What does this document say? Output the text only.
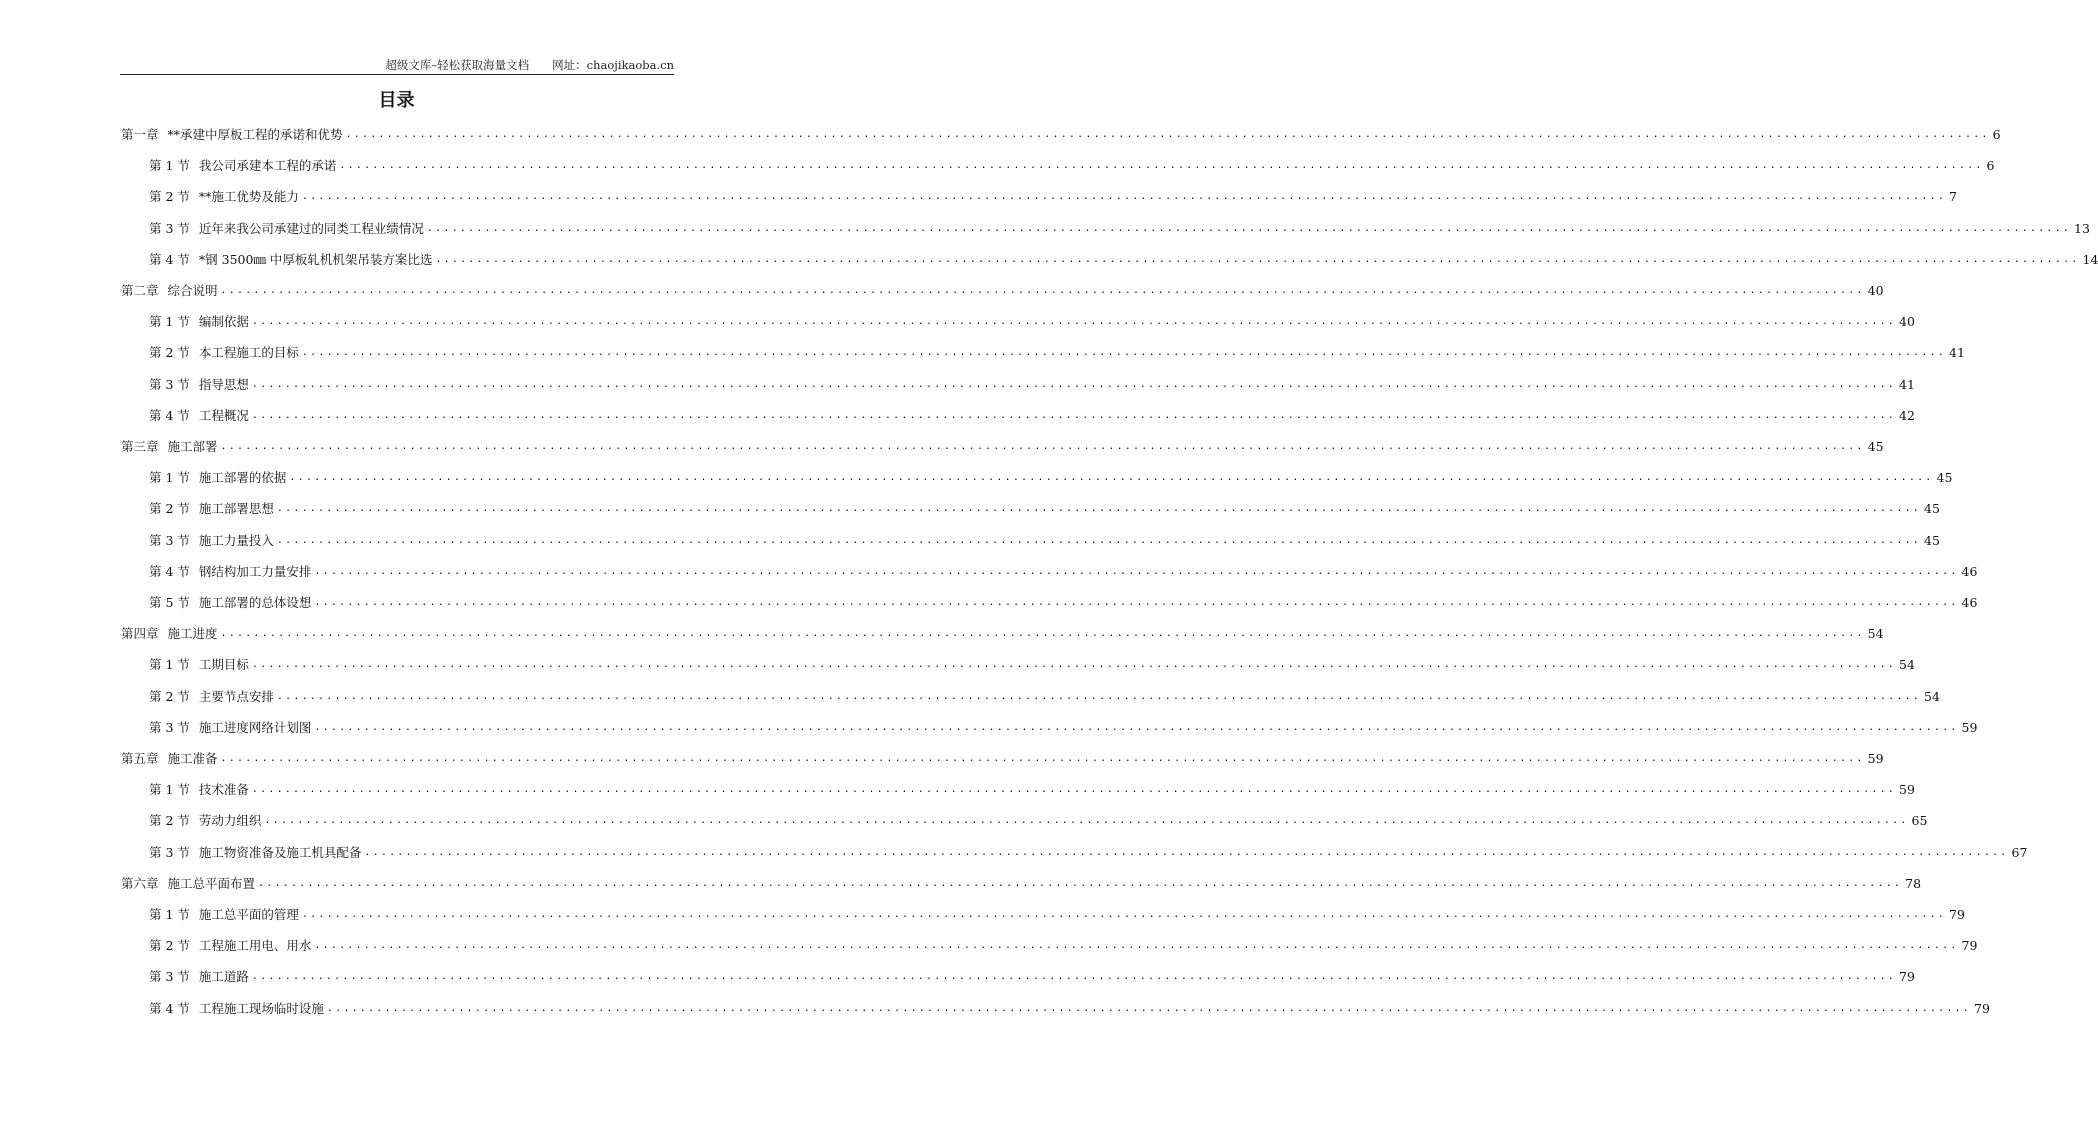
超级文库–轻松获取海量文档　　网址：chaojikaoba.cn
目录
第一章 **承建中厚板工程的承诺和优势 ........................................................................................................................................................................................................ 6
第 1 节 我公司承建本工程的承诺 ........................................................................................................................................................................................................ 6
第 2 节 **施工优势及能力 ........................................................................................................................................................................................................ 7
第 3 节 近年来我公司承建过的同类工程业绩情况 ........................................................................................................................................................................................................ 13
第 4 节 *钢 3500㎜ 中厚板轧机机架吊装方案比选 ........................................................................................................................................................................................................ 14
第二章 综合说明 ........................................................................................................................................................................................................ 40
第 1 节 编制依据 ........................................................................................................................................................................................................ 40
第 2 节 本工程施工的目标 ........................................................................................................................................................................................................ 41
第 3 节 指导思想 ........................................................................................................................................................................................................ 41
第 4 节 工程概况 ........................................................................................................................................................................................................ 42
第三章 施工部署 ........................................................................................................................................................................................................ 45
第 1 节 施工部署的依据 ........................................................................................................................................................................................................ 45
第 2 节 施工部署思想 ........................................................................................................................................................................................................ 45
第 3 节 施工力量投入 ........................................................................................................................................................................................................ 45
第 4 节 钢结构加工力量安排 ........................................................................................................................................................................................................ 46
第 5 节 施工部署的总体设想 ........................................................................................................................................................................................................ 46
第四章 施工进度 ........................................................................................................................................................................................................ 54
第 1 节 工期目标 ........................................................................................................................................................................................................ 54
第 2 节 主要节点安排 ........................................................................................................................................................................................................ 54
第 3 节 施工进度网络计划图 ........................................................................................................................................................................................................ 59
第五章 施工准备 ........................................................................................................................................................................................................ 59
第 1 节 技术准备 ........................................................................................................................................................................................................ 59
第 2 节 劳动力组织 ........................................................................................................................................................................................................ 65
第 3 节 施工物资准备及施工机具配备 ........................................................................................................................................................................................................ 67
第六章 施工总平面布置 ........................................................................................................................................................................................................ 78
第 1 节 施工总平面的管理 ........................................................................................................................................................................................................ 79
第 2 节 工程施工用电、用水 ........................................................................................................................................................................................................ 79
第 3 节 施工道路 ........................................................................................................................................................................................................ 79
第 4 节 工程施工现场临时设施 ........................................................................................................................................................................................................ 79
